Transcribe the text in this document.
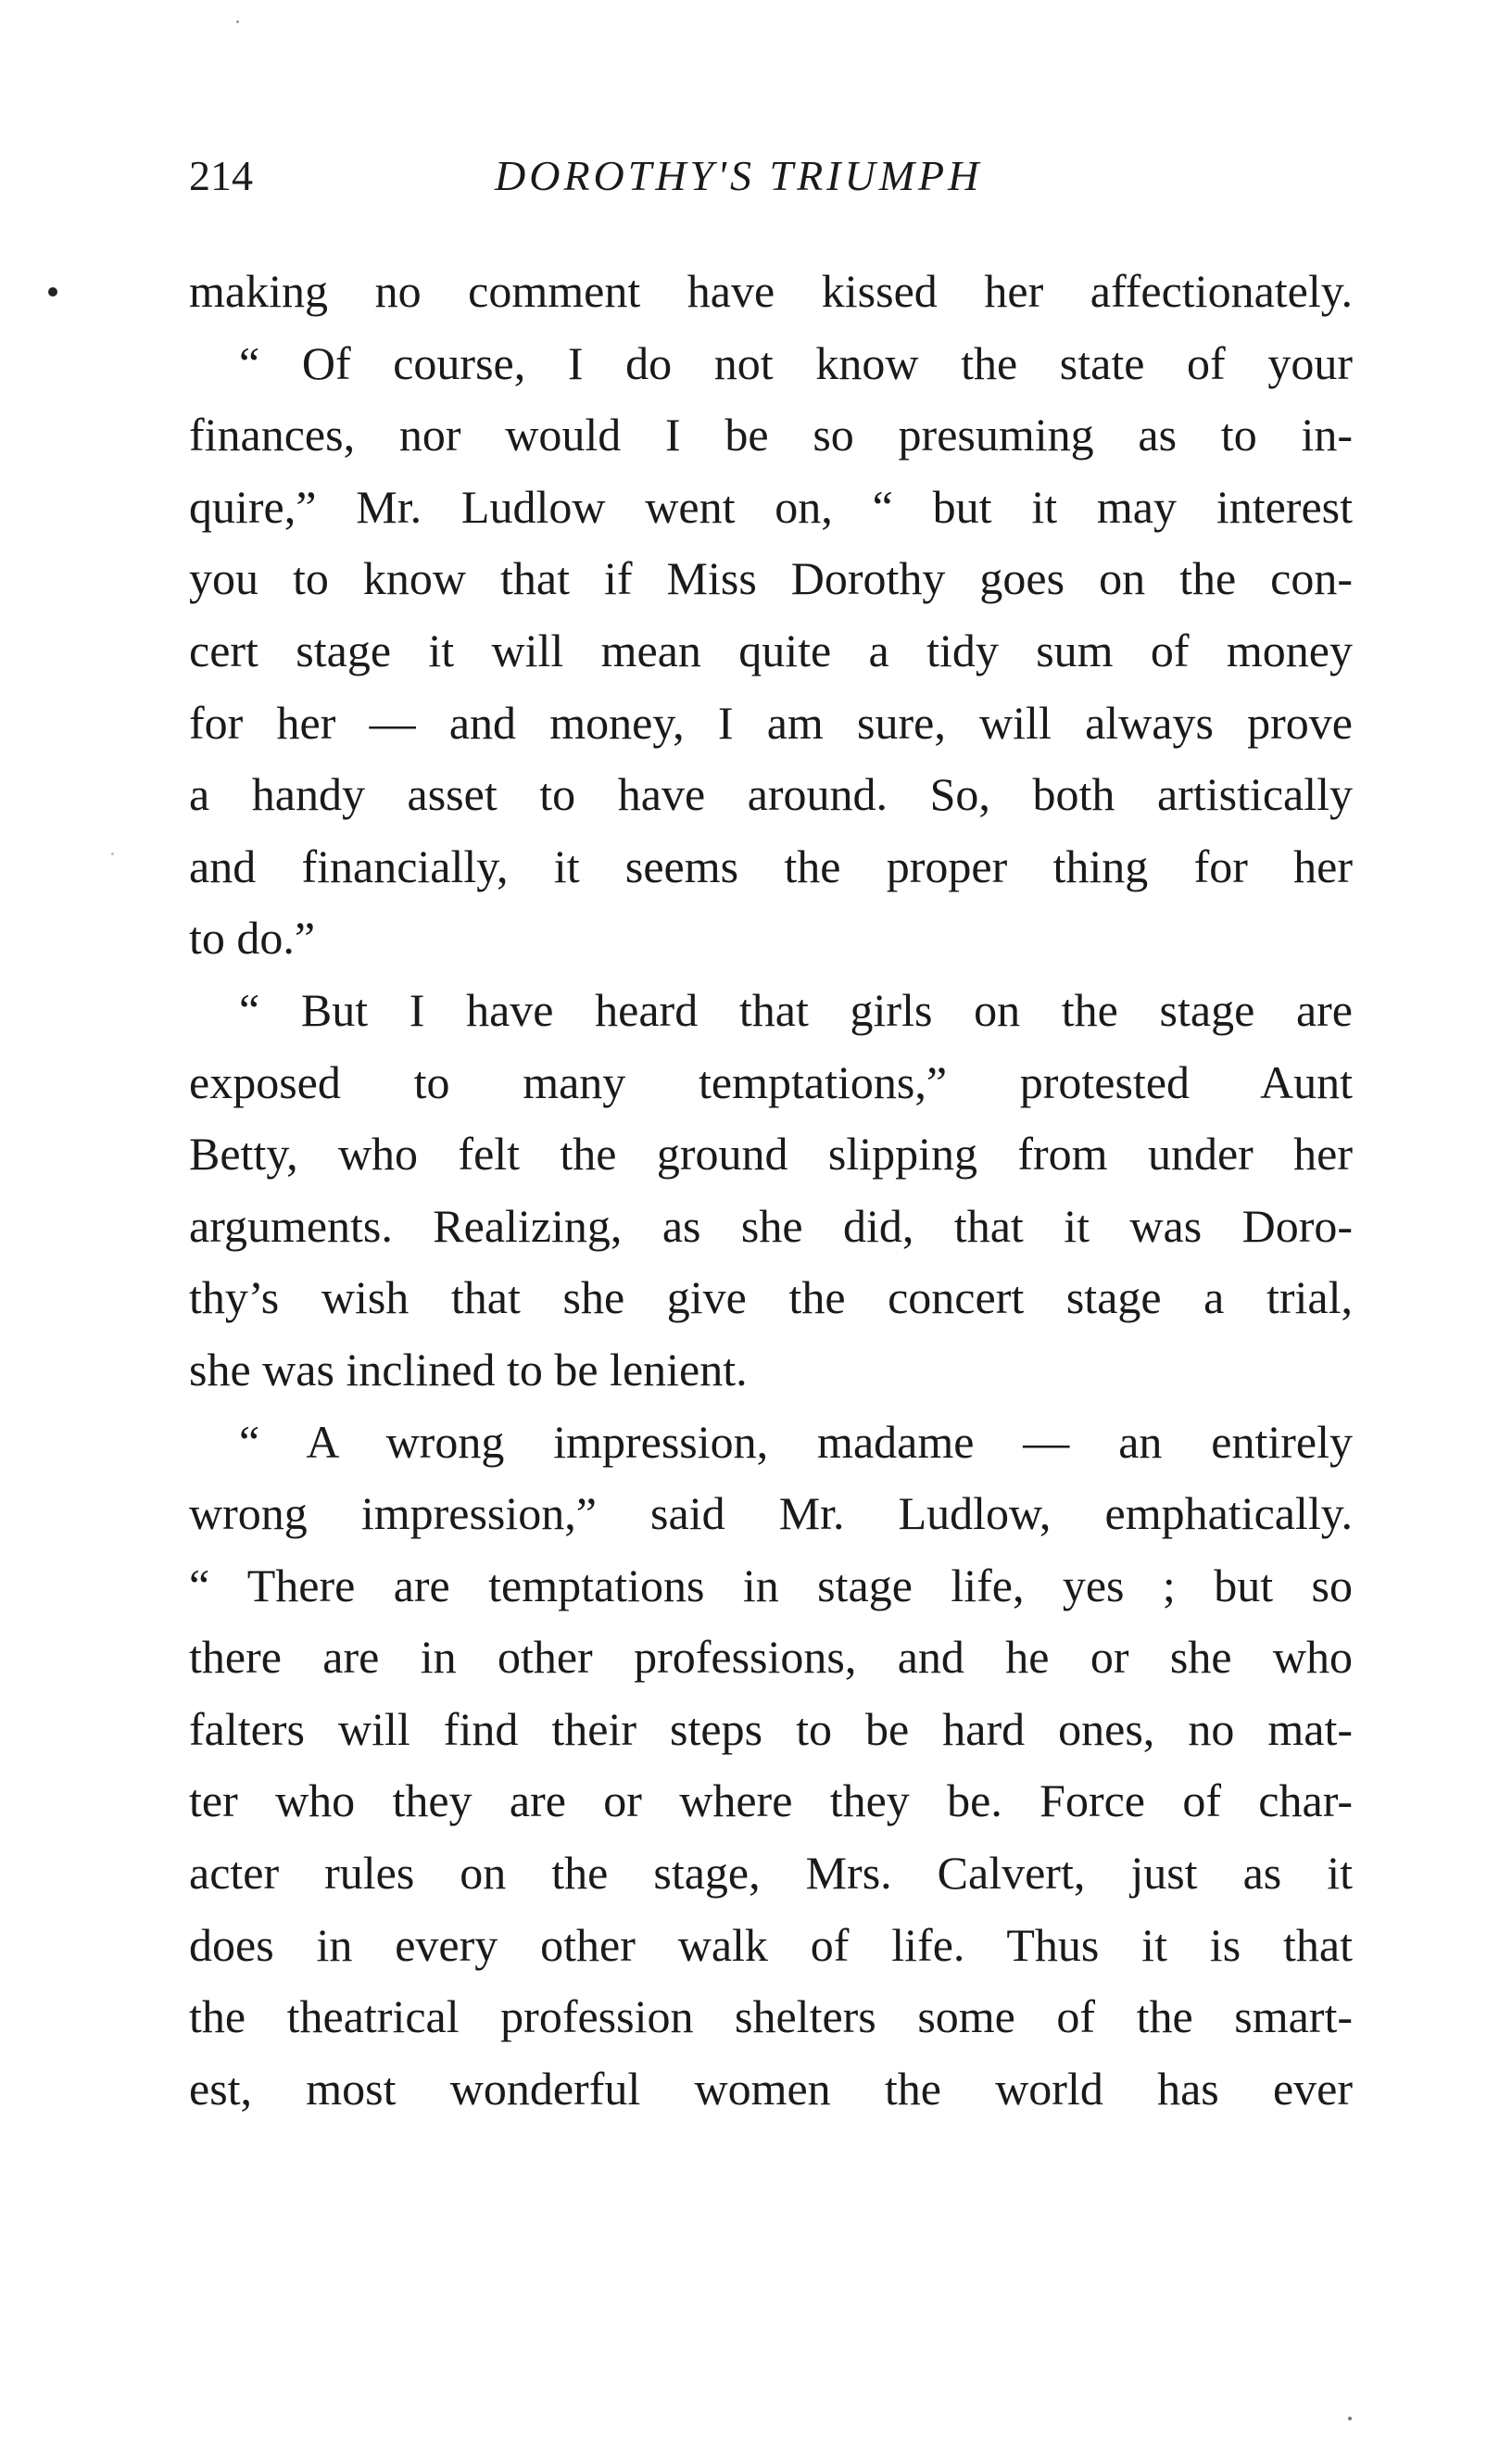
214	DOROTHY'S TRIUMPH
making no comment have kissed her affectionately.
“ Of course, I do not know the state of your
finances, nor would I be so presuming as to in-
quire,” Mr. Ludlow went on, “ but it may interest
you to know that if Miss Dorothy goes on the con-
cert stage it will mean quite a tidy sum of money
for her — and money, I am sure, will always prove
a handy asset to have around. So, both artistically
and financially, it seems the proper thing for her
to do.”
“ But I have heard that girls on the stage are
exposed to many temptations,” protested Aunt
Betty, who felt the ground slipping from under her
arguments. Realizing, as she did, that it was Doro-
thy’s wish that she give the concert stage a trial,
she was inclined to be lenient.
“ A wrong impression, madame — an entirely
wrong impression,” said Mr. Ludlow, emphatically.
“ There are temptations in stage life, yes ; but so
there are in other professions, and he or she who
falters will find their steps to be hard ones, no mat-
ter who they are or where they be. Force of char-
acter rules on the stage, Mrs. Calvert, just as it
does in every other walk of life. Thus it is that
the theatrical profession shelters some of the smart-
est, most wonderful women the world has ever
